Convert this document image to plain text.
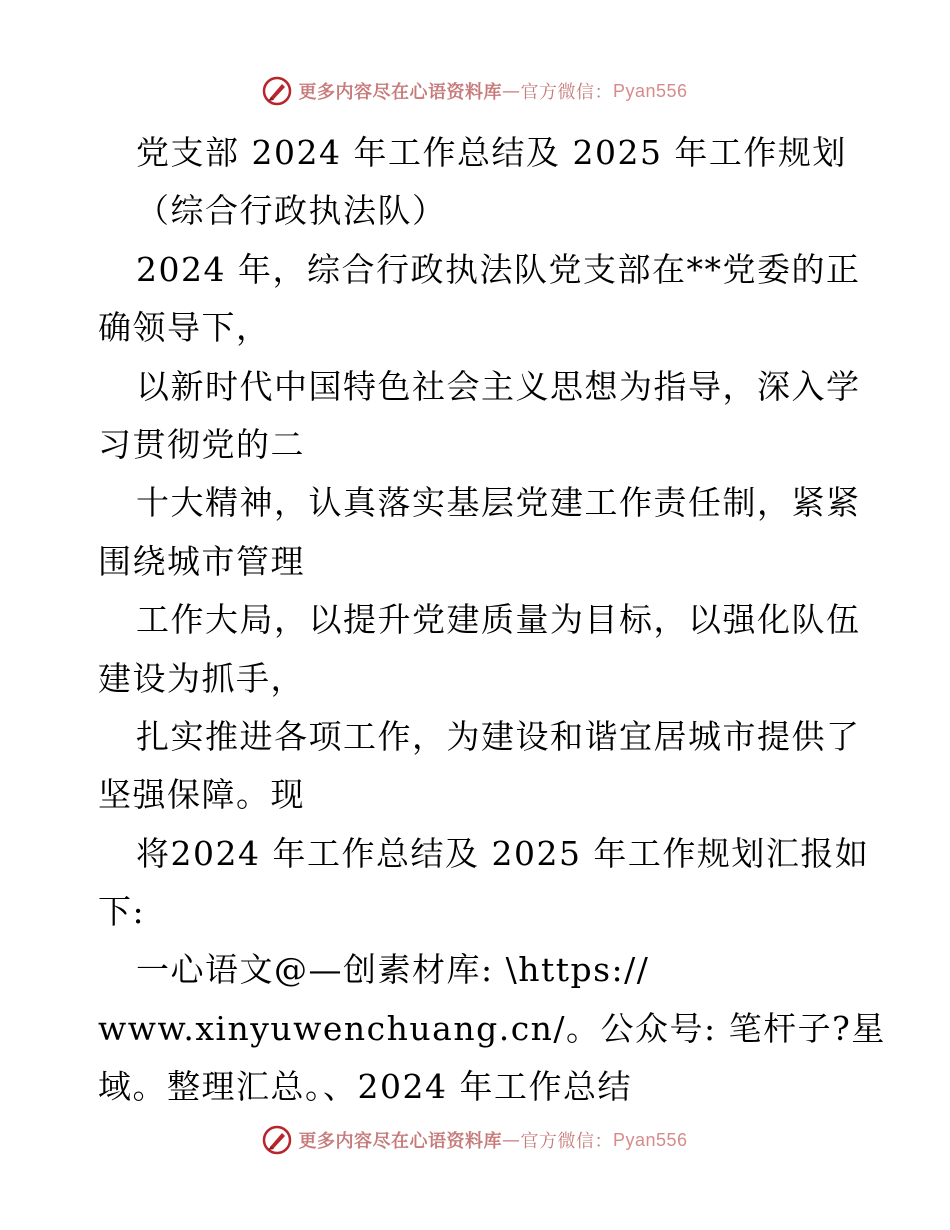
更多内容尽在心语资料库 — 官方微信： Pyan556
党支部 2024 年工作总结及 2025 年工作规划
（综合行政执法队）
2024 年，综合行政执法队党支部在**党委的正
确领导下，
以新时代中国特色社会主义思想为指导，深入学
习贯彻党的二
十大精神，认真落实基层党建工作责任制，紧紧
围绕城市管理
工作大局，以提升党建质量为目标，以强化队伍
建设为抓手，
扎实推进各项工作，为建设和谐宜居城市提供了
坚强保障。现
将2024 年工作总结及 2025 年工作规划汇报如
下:
一心语文@—创素材库: \https://
www.xinyuwenchuang.cn/。公众号: 笔杆子?星
域。整理汇总。、2024 年工作总结
更多内容尽在心语资料库 — 官方微信： Pyan556
